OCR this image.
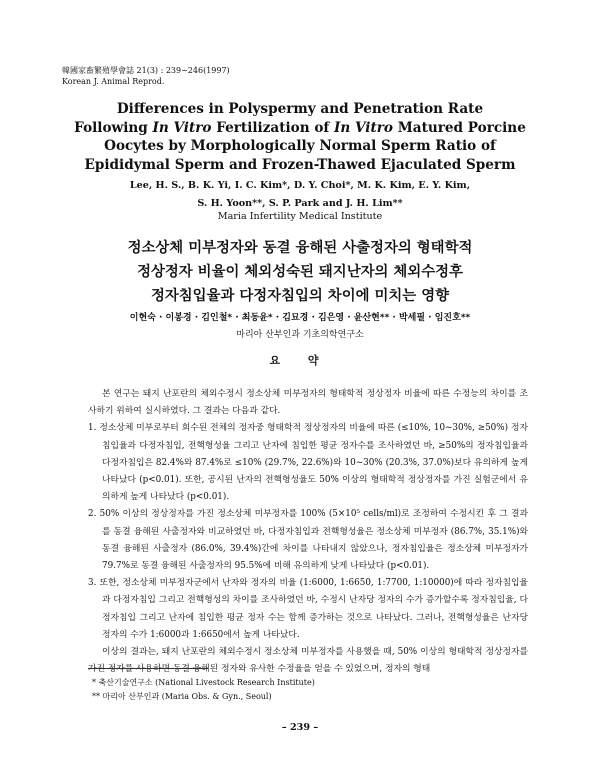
韓國家畜繁殖學會誌 21(3) : 239~246(1997)
Korean J. Animal Reprod.
Differences in Polyspermy and Penetration Rate
Following In Vitro Fertilization of In Vitro Matured Porcine
Oocytes by Morphologically Normal Sperm Ratio of
Epididymal Sperm and Frozen-Thawed Ejaculated Sperm
Lee, H. S., B. K. Yi, I. C. Kim*, D. Y. Choi*, M. K. Kim, E. Y. Kim,
S. H. Yoon**, S. P. Park and J. H. Lim**
Maria Infertility Medical Institute
정소상체 미부정자와 동결 융해된 사출정자의 형태학적
정상정자 비율이 체외성숙된 돼지난자의 체외수정후
정자침입율과 다정자침입의 차이에 미치는 영향
이현숙 · 이봉경 · 김인철* · 최동윤* · 김묘경 · 김은영 · 윤산현** · 박세필 · 임진호**
마리아 산부인과 기초의학연구소
요 약

본 연구는 돼지 난포란의 체외수정시 정소상체 미부정자의 형태학적 정상정자 비율에 따른 수정능의 차이를 조사하기 위하여 실시하였다. 그 결과는 다음과 같다.

1. 정소상체 미부로부터 회수된 전체의 정자중 형태학적 정상정자의 비율에 따른 (≤10%, 10~30%, ≥50%) 정자침입율과 다정자침입, 전핵형성율 그리고 난자에 침입한 평균 정자수를 조사하였던 바, ≥50%의 정자침입율과 다정자침입은 82.4%와 87.4%로 ≤10% (29.7%, 22.6%)와 10~30% (20.3%, 37.0%)보다 유의하게 높게 나타났다 (p<0.01). 또한, 공시된 난자의 전핵형성율도 50% 이상의 형태학적 정상정자를 가진 실험군에서 유의하게 높게 나타났다 (p<0.01).

2. 50% 이상의 정상정자를 가진 정소상체 미부정자를 100% (5×10⁵ cells/ml)로 조정하여 수정시킨 후 그 결과를 동결 융해된 사출정자와 비교하였던 바, 다정자침입과 전핵형성율은 정소상체 미부정자 (86.7%, 35.1%)와 동결 융해된 사출정자 (86.0%, 39.4%)간에 차이를 나타내지 않았으나, 정자침입율은 정소상체 미부정자가 79.7%로 동결 융해된 사출정자의 95.5%에 비해 유의하게 낮게 나타났다 (p<0.01).

3. 또한, 정소상체 미부정자군에서 난자와 정자의 비율 (1:6000, 1:6650, 1:7700, 1:10000)에 따라 정자침입율과 다정자침입 그리고 전핵형성의 차이를 조사하였던 바, 수정시 난자당 정자의 수가 증가할수록 정자침입율, 다정자침입 그리고 난자에 침입한 평균 정자 수는 함께 증가하는 것으로 나타났다. 그러나, 전핵형성율은 난자당 정자의 수가 1:6000과 1:6650에서 높게 나타났다.

이상의 결과는, 돼지 난포란의 체외수정시 정소상체 미부정자를 사용했을 때, 50% 이상의 형태학적 정상정자를 가진 정자를 사용하면 동결 융해된 정자와 유사한 수정율을 얻을 수 있었으며, 정자의 형태

* 축산기술연구소 (National Livestock Research Institute)
** 마리아 산부인과 (Maria Obs. & Gyn., Seoul)
– 239 –
